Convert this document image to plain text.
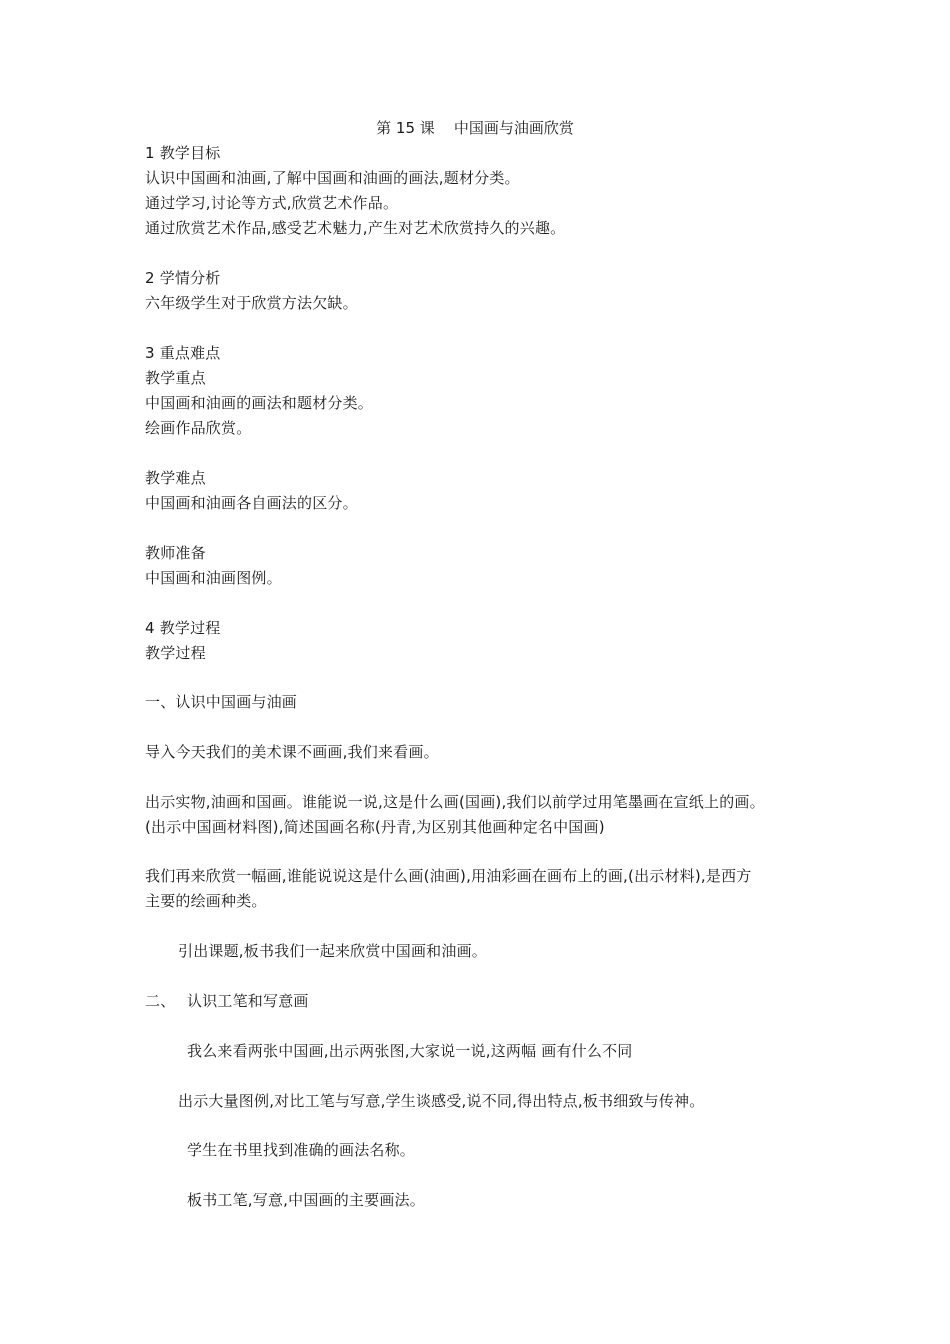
第 15 课    中国画与油画欣赏
1 教学目标
认识中国画和油画,了解中国画和油画的画法,题材分类。
通过学习,讨论等方式,欣赏艺术作品。
通过欣赏艺术作品,感受艺术魅力,产生对艺术欣赏持久的兴趣。
2 学情分析
六年级学生对于欣赏方法欠缺。
3 重点难点
教学重点
中国画和油画的画法和题材分类。
绘画作品欣赏。
教学难点
中国画和油画各自画法的区分。
教师准备
中国画和油画图例。
4 教学过程
教学过程
一、认识中国画与油画
导入今天我们的美术课不画画,我们来看画。
出示实物,油画和国画。谁能说一说,这是什么画(国画),我们以前学过用笔墨画在宣纸上的画。
(出示中国画材料图),简述国画名称(丹青,为区别其他画种定名中国画)
我们再来欣赏一幅画,谁能说说这是什么画(油画),用油彩画在画布上的画,(出示材料),是西方
主要的绘画种类。
引出课题,板书我们一起来欣赏中国画和油画。
二、 认识工笔和写意画
我么来看两张中国画,出示两张图,大家说一说,这两幅 画有什么不同
出示大量图例,对比工笔与写意,学生谈感受,说不同,得出特点,板书细致与传神。
学生在书里找到准确的画法名称。
板书工笔,写意,中国画的主要画法。
